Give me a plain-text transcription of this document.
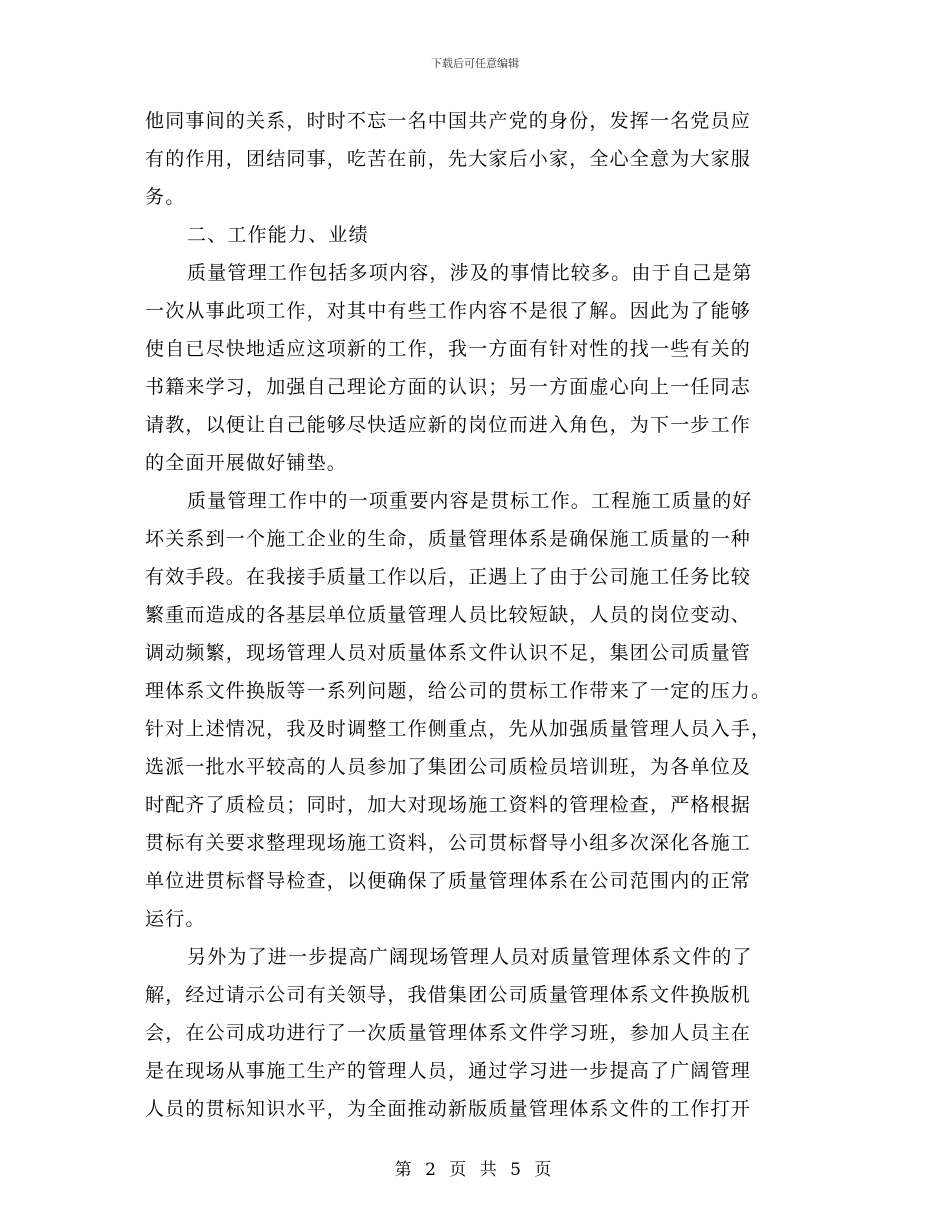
下载后可任意编辑
他同事间的关系，时时不忘一名中国共产党的身份，发挥一名党员应
有的作用，团结同事，吃苦在前，先大家后小家，全心全意为大家服
务。
二、工作能力、业绩
质量管理工作包括多项内容，涉及的事情比较多。由于自己是第
一次从事此项工作，对其中有些工作内容不是很了解。因此为了能够
使自已尽快地适应这项新的工作，我一方面有针对性的找一些有关的
书籍来学习，加强自己理论方面的认识；另一方面虚心向上一任同志
请教，以便让自己能够尽快适应新的岗位而进入角色，为下一步工作
的全面开展做好铺垫。
质量管理工作中的一项重要内容是贯标工作。工程施工质量的好
坏关系到一个施工企业的生命，质量管理体系是确保施工质量的一种
有效手段。在我接手质量工作以后，正遇上了由于公司施工任务比较
繁重而造成的各基层单位质量管理人员比较短缺，人员的岗位变动、
调动频繁，现场管理人员对质量体系文件认识不足，集团公司质量管
理体系文件换版等一系列问题，给公司的贯标工作带来了一定的压力。
针对上述情况，我及时调整工作侧重点，先从加强质量管理人员入手，
选派一批水平较高的人员参加了集团公司质检员培训班，为各单位及
时配齐了质检员；同时，加大对现场施工资料的管理检查，严格根据
贯标有关要求整理现场施工资料，公司贯标督导小组多次深化各施工
单位进贯标督导检查，以便确保了质量管理体系在公司范围内的正常
运行。
另外为了进一步提高广阔现场管理人员对质量管理体系文件的了
解，经过请示公司有关领导，我借集团公司质量管理体系文件换版机
会，在公司成功进行了一次质量管理体系文件学习班，参加人员主在
是在现场从事施工生产的管理人员，通过学习进一步提高了广阔管理
人员的贯标知识水平，为全面推动新版质量管理体系文件的工作打开
第 2 页 共 5 页
